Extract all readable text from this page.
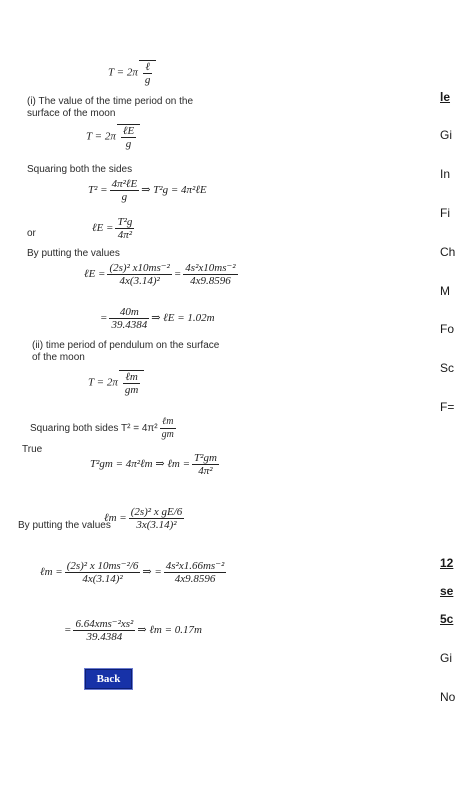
$T = 2\pi \frac{\text{ℓ}}{g}$
(i) The value of the time period on the surface of the moon
$T = 2\pi \frac{\text{ℓE}}{g}$
Squaring both the sides
$T^2 = \frac{\text{4π²ℓE}}{g}$ ⇒ T²g = 4π²ℓE
or	ℓE = $\frac{\text{T²g}}{\text{4π²}}$
By putting the values
ℓE = $\frac{\text{(2s)² x10ms⁻²}}{\text{4x(3.14)²}} = \frac{\text{4s²x10ms⁻²}}{4x9.8596}$
= $\frac{40m}{39.4384}$ ⇒ ℓE = 1.02m
(ii) time period of pendulum on the surface of the moon
$T = 2\pi \frac{\text{ℓm}}{gm}$
Squaring both sides $T^2 = 4\pi^2 \frac{\text{ℓm}}{gm}$
True
T²gm = 4π²ℓm ⇒ ℓm = $\frac{\text{T²gm}}{\text{4π²}}$
By putting the values
ℓm = $\frac{\text{(2s)² x gE/6}}{\text{3x(3.14)²}}$
ℓm = $\frac{\text{(2s)² x 10ms⁻²/6}}{\text{4x(3.14)²}}$ ⇒ = $\frac{\text{4s²x1.66ms⁻²}}{4x9.8596}$
= $\frac{\text{6.64xms⁻²xs²}}{39.4384}$ ⇒ ℓm = 0.17m
Back
le
Gi
In
Fi
Ch
M
Fo
Sc
F=
12
se
5c
Gi
No
